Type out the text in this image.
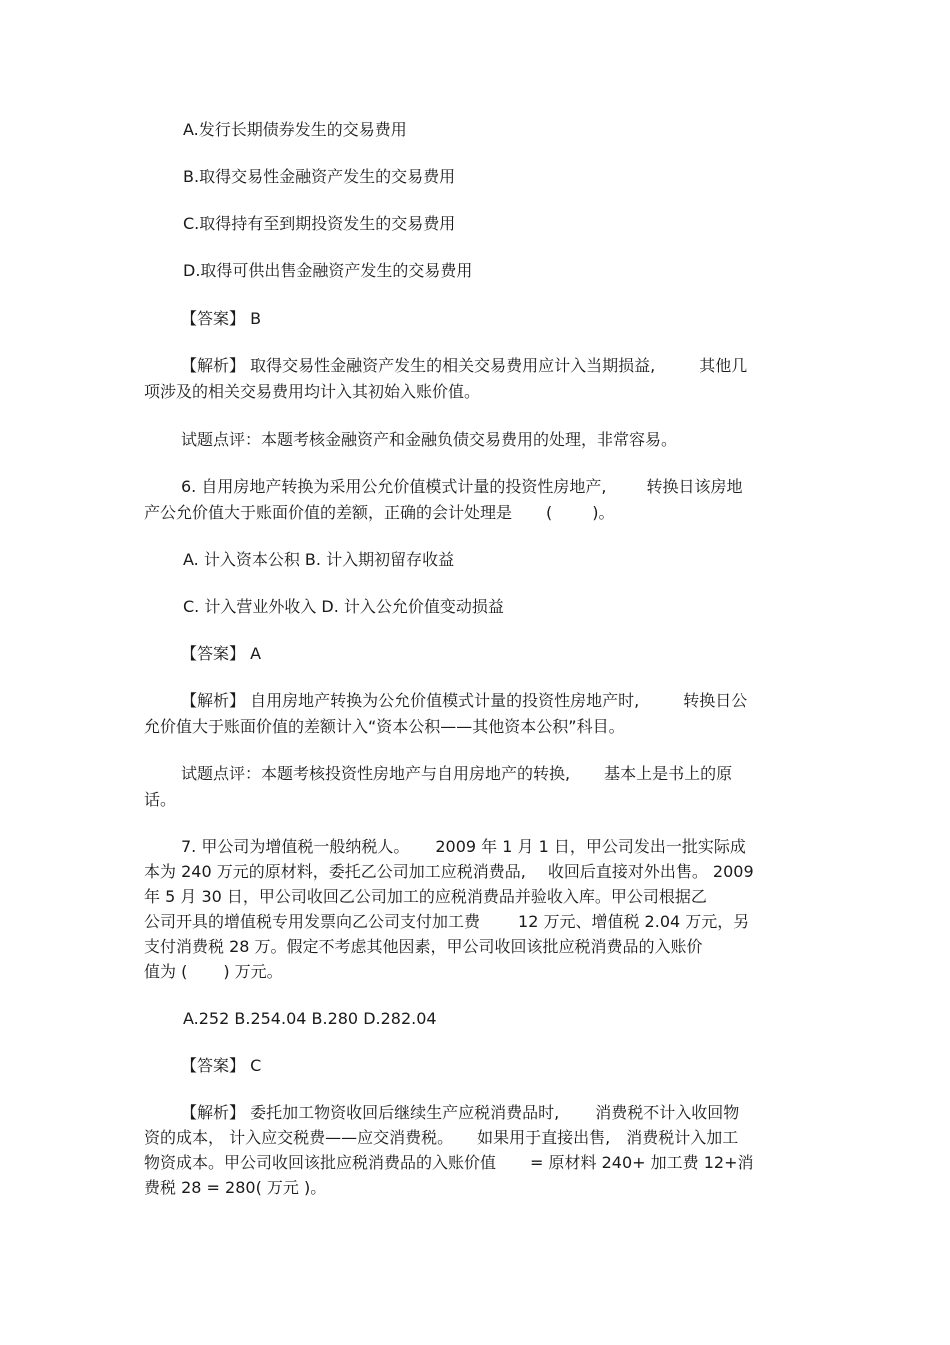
A.发行长期债券发生的交易费用

B.取得交易性金融资产发生的交易费用

C.取得持有至到期投资发生的交易费用

D.取得可供出售金融资产发生的交易费用

【答案】 B

【解析】 取得交易性金融资产发生的相关交易费用应计入当期损益,	其他几

项涉及的相关交易费用均计入其初始入账价值。

试题点评：本题考核金融资产和金融负债交易费用的处理，非常容易。

6. 自用房地产转换为采用公允价值模式计量的投资性房地产,	转换日该房地
产公允价值大于账面价值的差额，正确的会计处理是 (	)。

A. 计入资本公积 B. 计入期初留存收益

C. 计入营业外收入 D. 计入公允价值变动损益

【答案】 A

【解析】 自用房地产转换为公允价值模式计量的投资性房地产时,	转换日公

允价值大于账面价值的差额计入“资本公积——其他资本公积”科目。

试题点评：本题考核投资性房地产与自用房地产的转换, 基本上是书上的原

话。

7. 甲公司为增值税一般纳税人。 2009 年 1 月 1 日，甲公司发出一批实际成
本为 240 万元的原材料，委托乙公司加工应税消费品, 收回后直接对外出售。 2009

年 5 月 30 日，甲公司收回乙公司加工的应税消费品并验收入库。甲公司根据乙

公司开具的增值税专用发票向乙公司支付加工费 12 万元、增值税 2.04 万元，另

支付消费税 28 万。假定不考虑其他因素，甲公司收回该批应税消费品的入账价

值为 ( ) 万元。

A.252 B.254.04 B.280 D.282.04

【答案】 C

【解析】 委托加工物资收回后继续生产应税消费品时, 消费税不计入收回物
资的成本， 计入应交税费——应交消费税。 如果用于直接出售, 消费税计入加工
物资成本。甲公司收回该批应税消费品的入账价值 = 原材料 240+ 加工费 12+消

费税 28 = 280( 万元 )。
